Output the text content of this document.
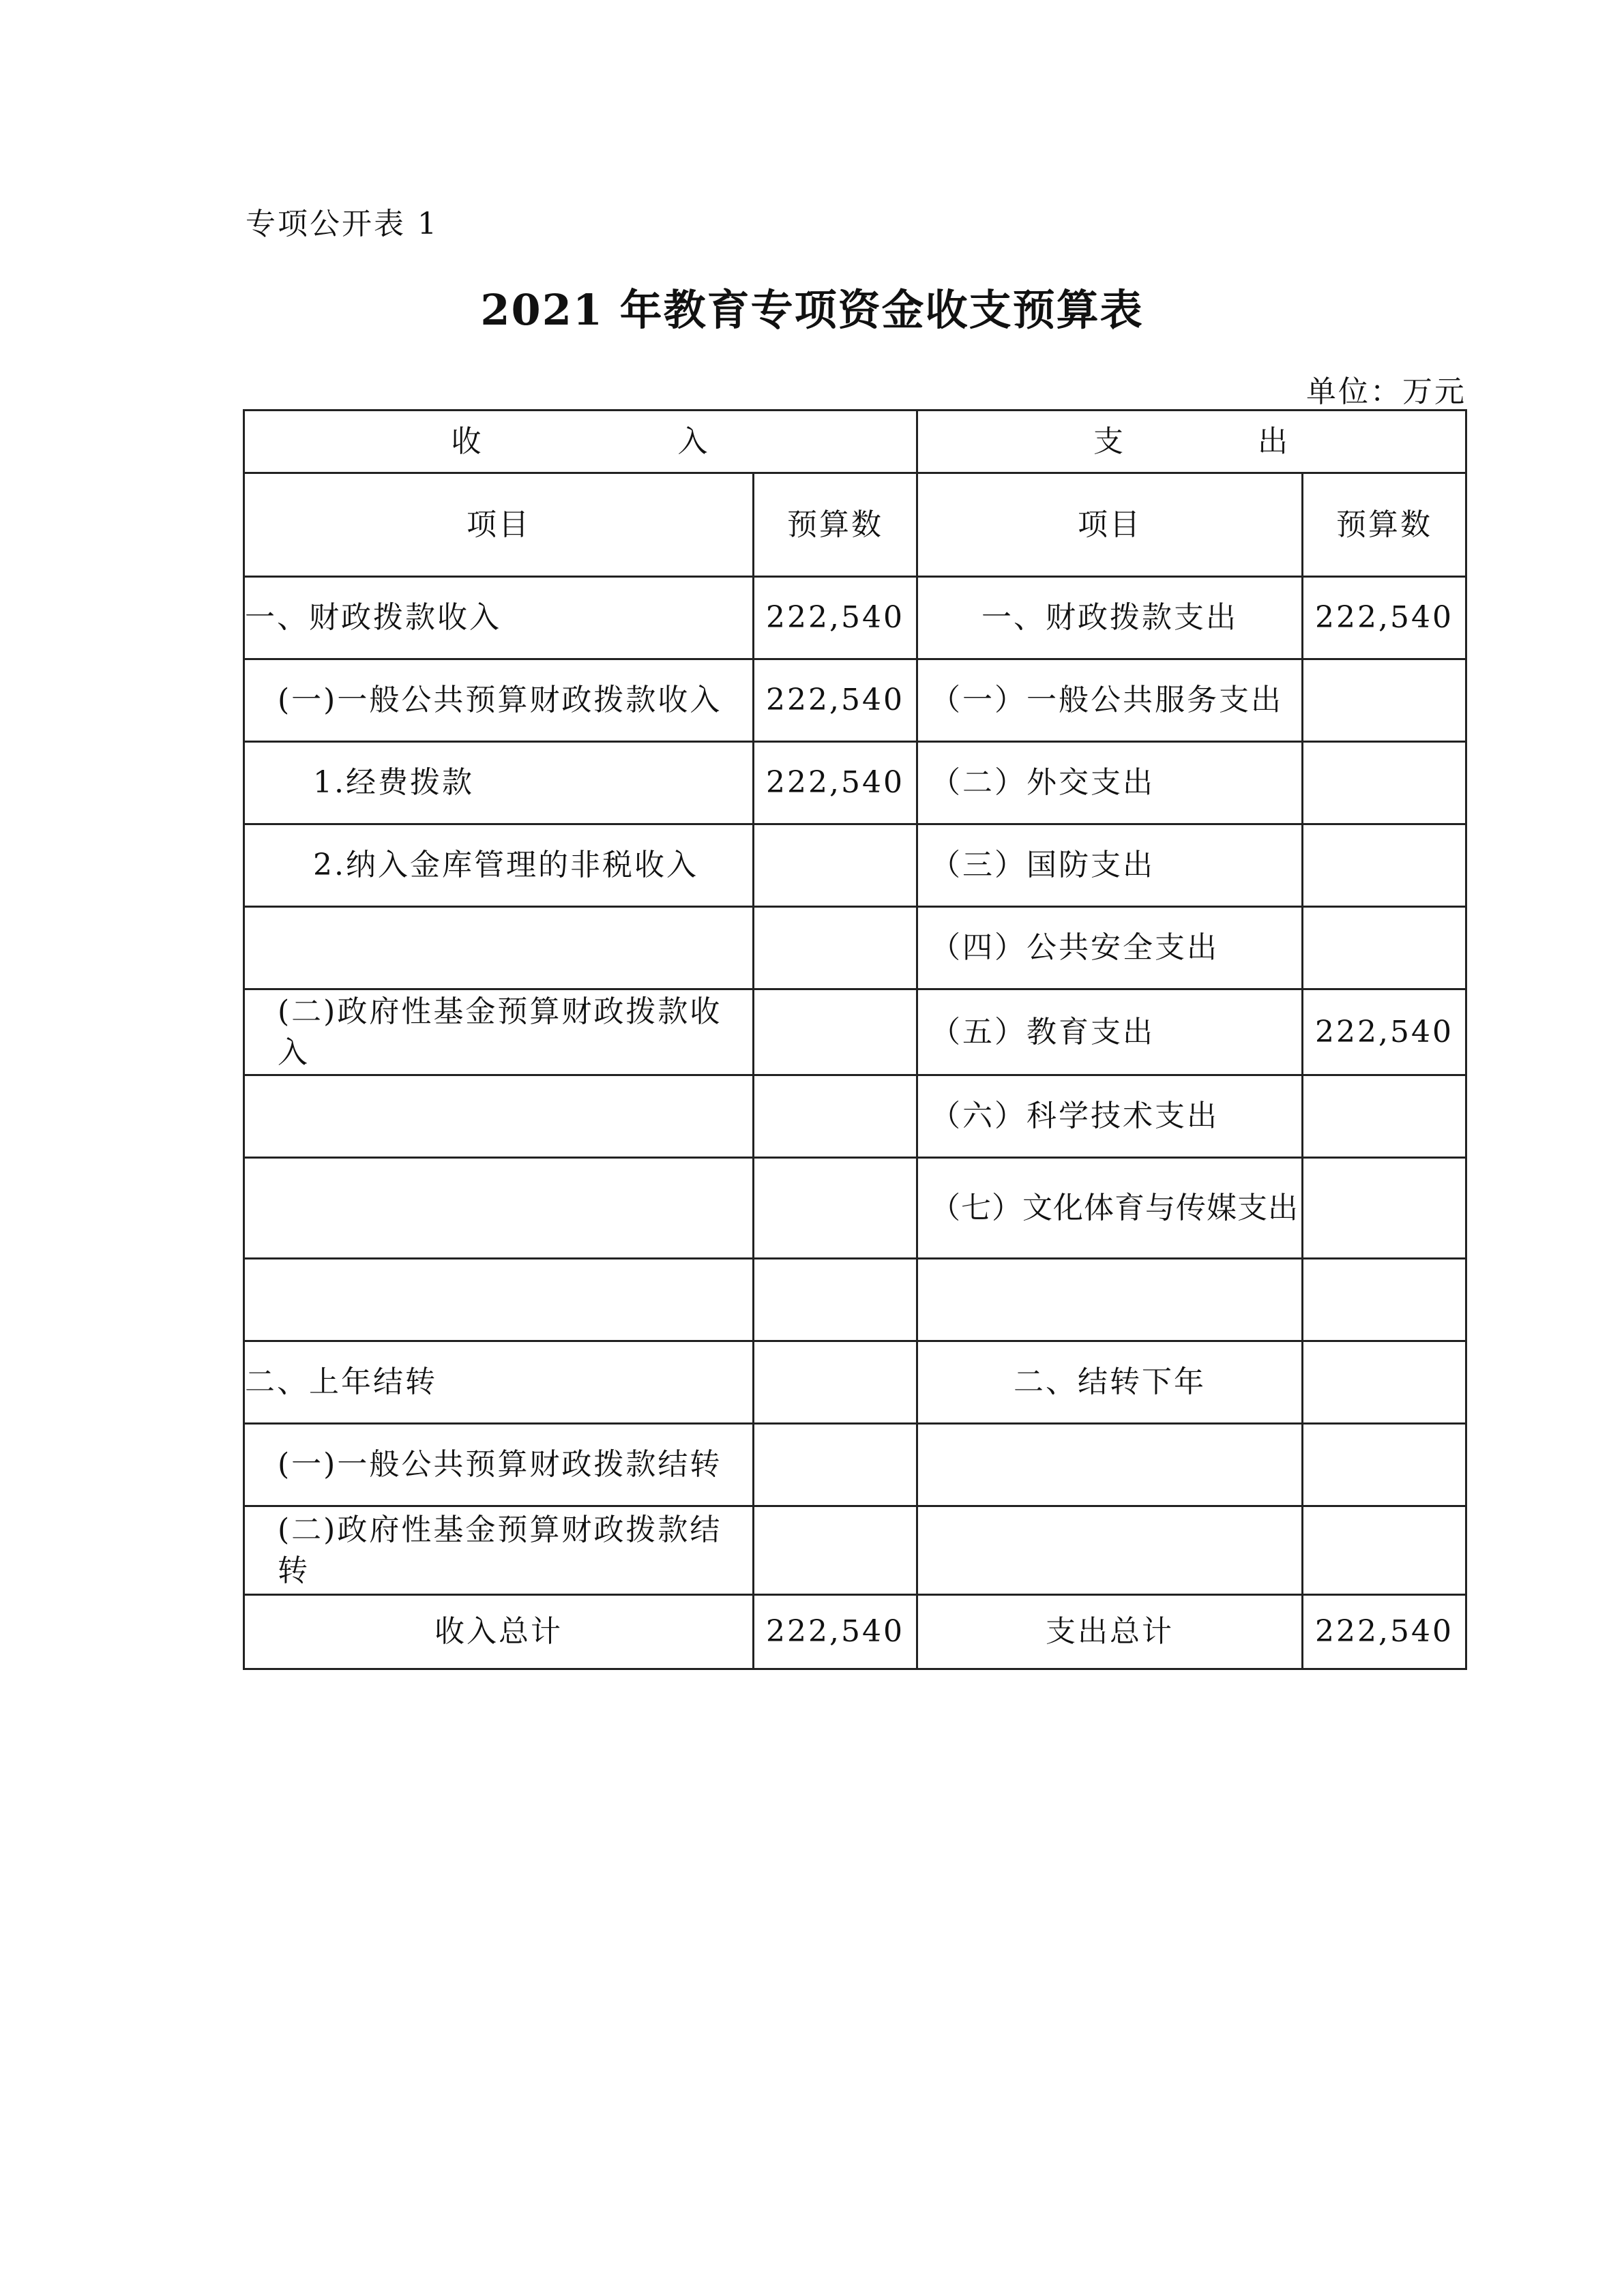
专项公开表 1
2021 年教育专项资金收支预算表
单位：万元
收 入		支 出	

项目	预算数	项目	预算数
一、财政拨款收入	222,540	一、财政拨款支出	222,540
(一)一般公共预算财政拨款收入	222,540	（一）一般公共服务支出	
1.经费拨款	222,540	（二）外交支出	
2.纳入金库管理的非税收入		（三）国防支出	
		（四）公共安全支出	
(二)政府性基金预算财政拨款收入		（五）教育支出	222,540
		（六）科学技术支出	
		（七）文化体育与传媒支出	

二、上年结转		二、结转下年	
(一)一般公共预算财政拨款结转			
(二)政府性基金预算财政拨款结转			
收入总计	222,540	支出总计	222,540
